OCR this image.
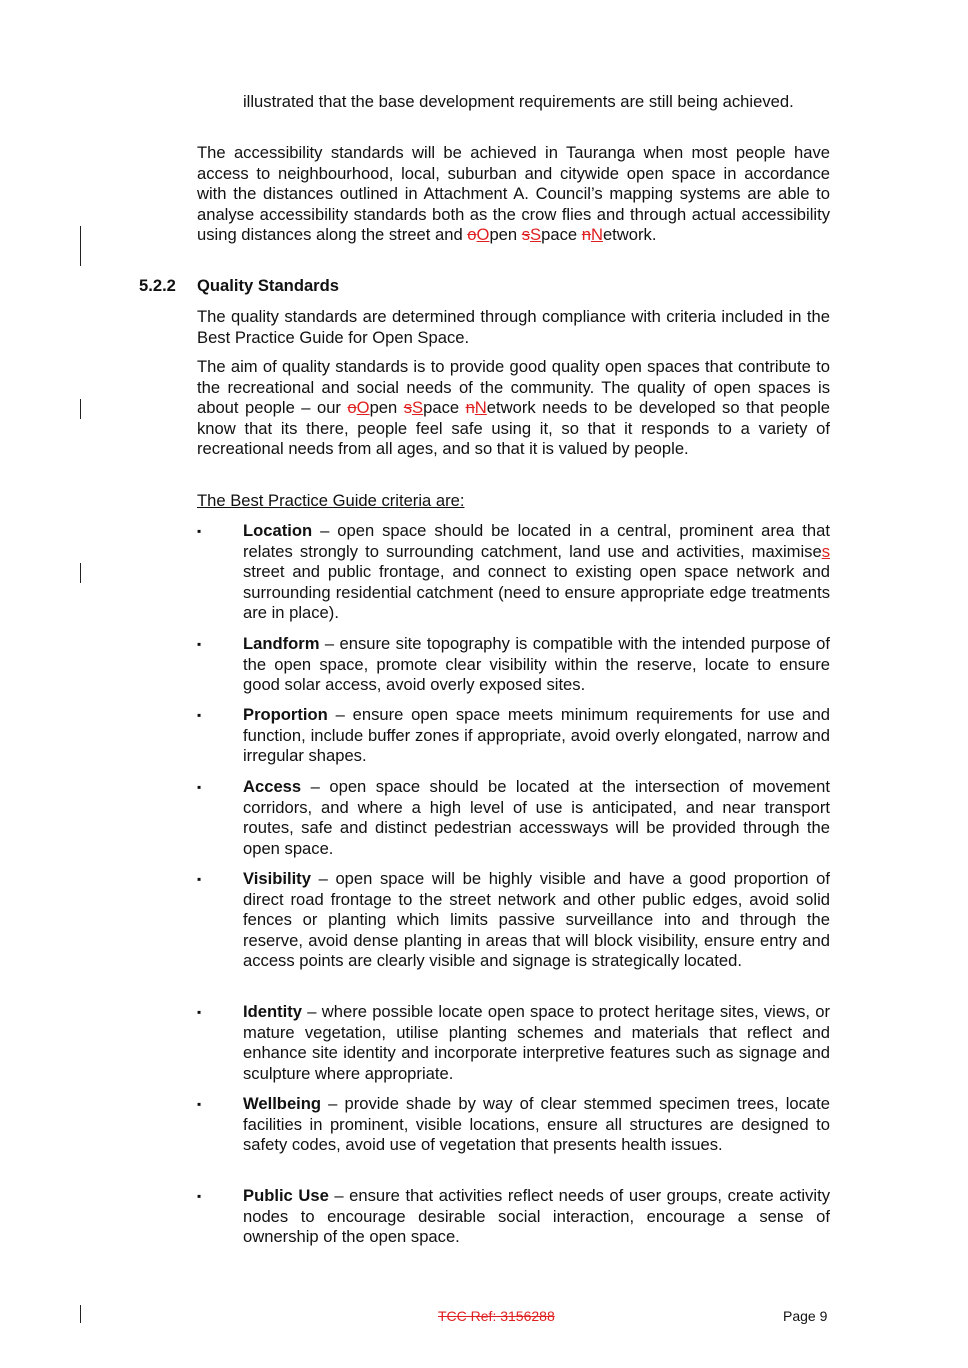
illustrated that the base development requirements are still being achieved.
The accessibility standards will be achieved in Tauranga when most people have access to neighbourhood, local, suburban and citywide open space in accordance with the distances outlined in Attachment A. Council’s mapping systems are able to analyse accessibility standards both as the crow flies and through actual accessibility using distances along the street and oOpen sSpace nNetwork.
5.2.2 Quality Standards
The quality standards are determined through compliance with criteria included in the Best Practice Guide for Open Space.
The aim of quality standards is to provide good quality open spaces that contribute to the recreational and social needs of the community. The quality of open spaces is about people – our oOpen sSpace nNetwork needs to be developed so that people know that its there, people feel safe using it, so that it responds to a variety of recreational needs from all ages, and so that it is valued by people.
The Best Practice Guide criteria are:
▪	Location – open space should be located in a central, prominent area that relates strongly to surrounding catchment, land use and activities, maximises street and public frontage, and connect to existing open space network and surrounding residential catchment (need to ensure appropriate edge treatments are in place).
▪	Landform – ensure site topography is compatible with the intended purpose of the open space, promote clear visibility within the reserve, locate to ensure good solar access, avoid overly exposed sites.
▪	Proportion – ensure open space meets minimum requirements for use and function, include buffer zones if appropriate, avoid overly elongated, narrow and irregular shapes.
▪	Access – open space should be located at the intersection of movement corridors, and where a high level of use is anticipated, and near transport routes, safe and distinct pedestrian accessways will be provided through the open space.
▪	Visibility – open space will be highly visible and have a good proportion of direct road frontage to the street network and other public edges, avoid solid fences or planting which limits passive surveillance into and through the reserve, avoid dense planting in areas that will block visibility, ensure entry and access points are clearly visible and signage is strategically located.
▪	Identity – where possible locate open space to protect heritage sites, views, or mature vegetation, utilise planting schemes and materials that reflect and enhance site identity and incorporate interpretive features such as signage and sculpture where appropriate.
▪	Wellbeing – provide shade by way of clear stemmed specimen trees, locate facilities in prominent, visible locations, ensure all structures are designed to safety codes, avoid use of vegetation that presents health issues.
▪	Public Use – ensure that activities reflect needs of user groups, create activity nodes to encourage desirable social interaction, encourage a sense of ownership of the open space.
TCC Ref: 3156288	Page 9
